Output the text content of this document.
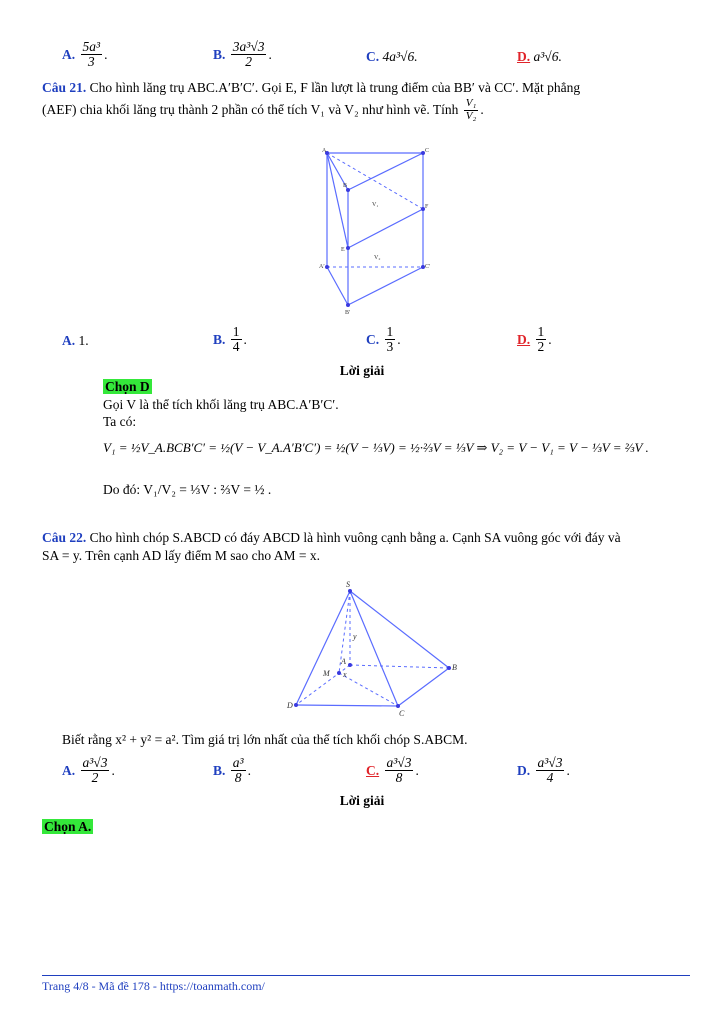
A.
$\frac{\text{5a³}}{3}$ .	B.
$\frac{\text{3a³√3}}{2}$ .	C.
4a³√6.	D.
a³√6.
Câu 21. Cho hình lăng trụ ABC.A′B′C′. Gọi E, F lần lượt là trung điểm của BB′ và CC′. Mặt phẳng
(AEF) chia khối lăng trụ thành 2 phần có thể tích V₁ và V₂ như hình vẽ. Tính
$\frac{\text{V₁}}{\text{V₂}}$ .
A	C
B
F
E
A′	C′
B′
V₁
V₂
A.
1.	B.
$\frac{1}{4}$ .	C.
$\frac{1}{3}$ .	D.
$\frac{1}{2}$ .
Lời giải
Chọn D
Gọi V là thể tích khối lăng trụ ABC.A′B′C′.
Ta có:
V₁ = ½V_A.BCB′C′ = ½(V − V_A.A′B′C′) = ½(V − ⅓V) = ½·⅔V = ⅓V ⇒ V₂ = V − V₁ = V − ⅓V = ⅔V .
Do đó: V₁/V₂ = ⅓V : ⅔V = ½ .
Câu 22. Cho hình chóp S.ABCD có đáy ABCD là hình vuông cạnh bằng a. Cạnh SA vuông góc với đáy và
SA = y. Trên cạnh AD lấy điểm M sao cho AM = x.
S
A
B
C
D
M x
y
Biết rằng x² + y² = a². Tìm giá trị lớn nhất của thể tích khối chóp S.ABCM.
A.
$\frac{\text{a³√3}}{2}$ .	B.
$\frac{\text{a³}}{8}$ .	C.
$\frac{\text{a³√3}}{8}$ .	D.
$\frac{\text{a³√3}}{4}$ .
Lời giải
Chọn A.
Trang 4/8 - Mã đề 178 - https://toanmath.com/
